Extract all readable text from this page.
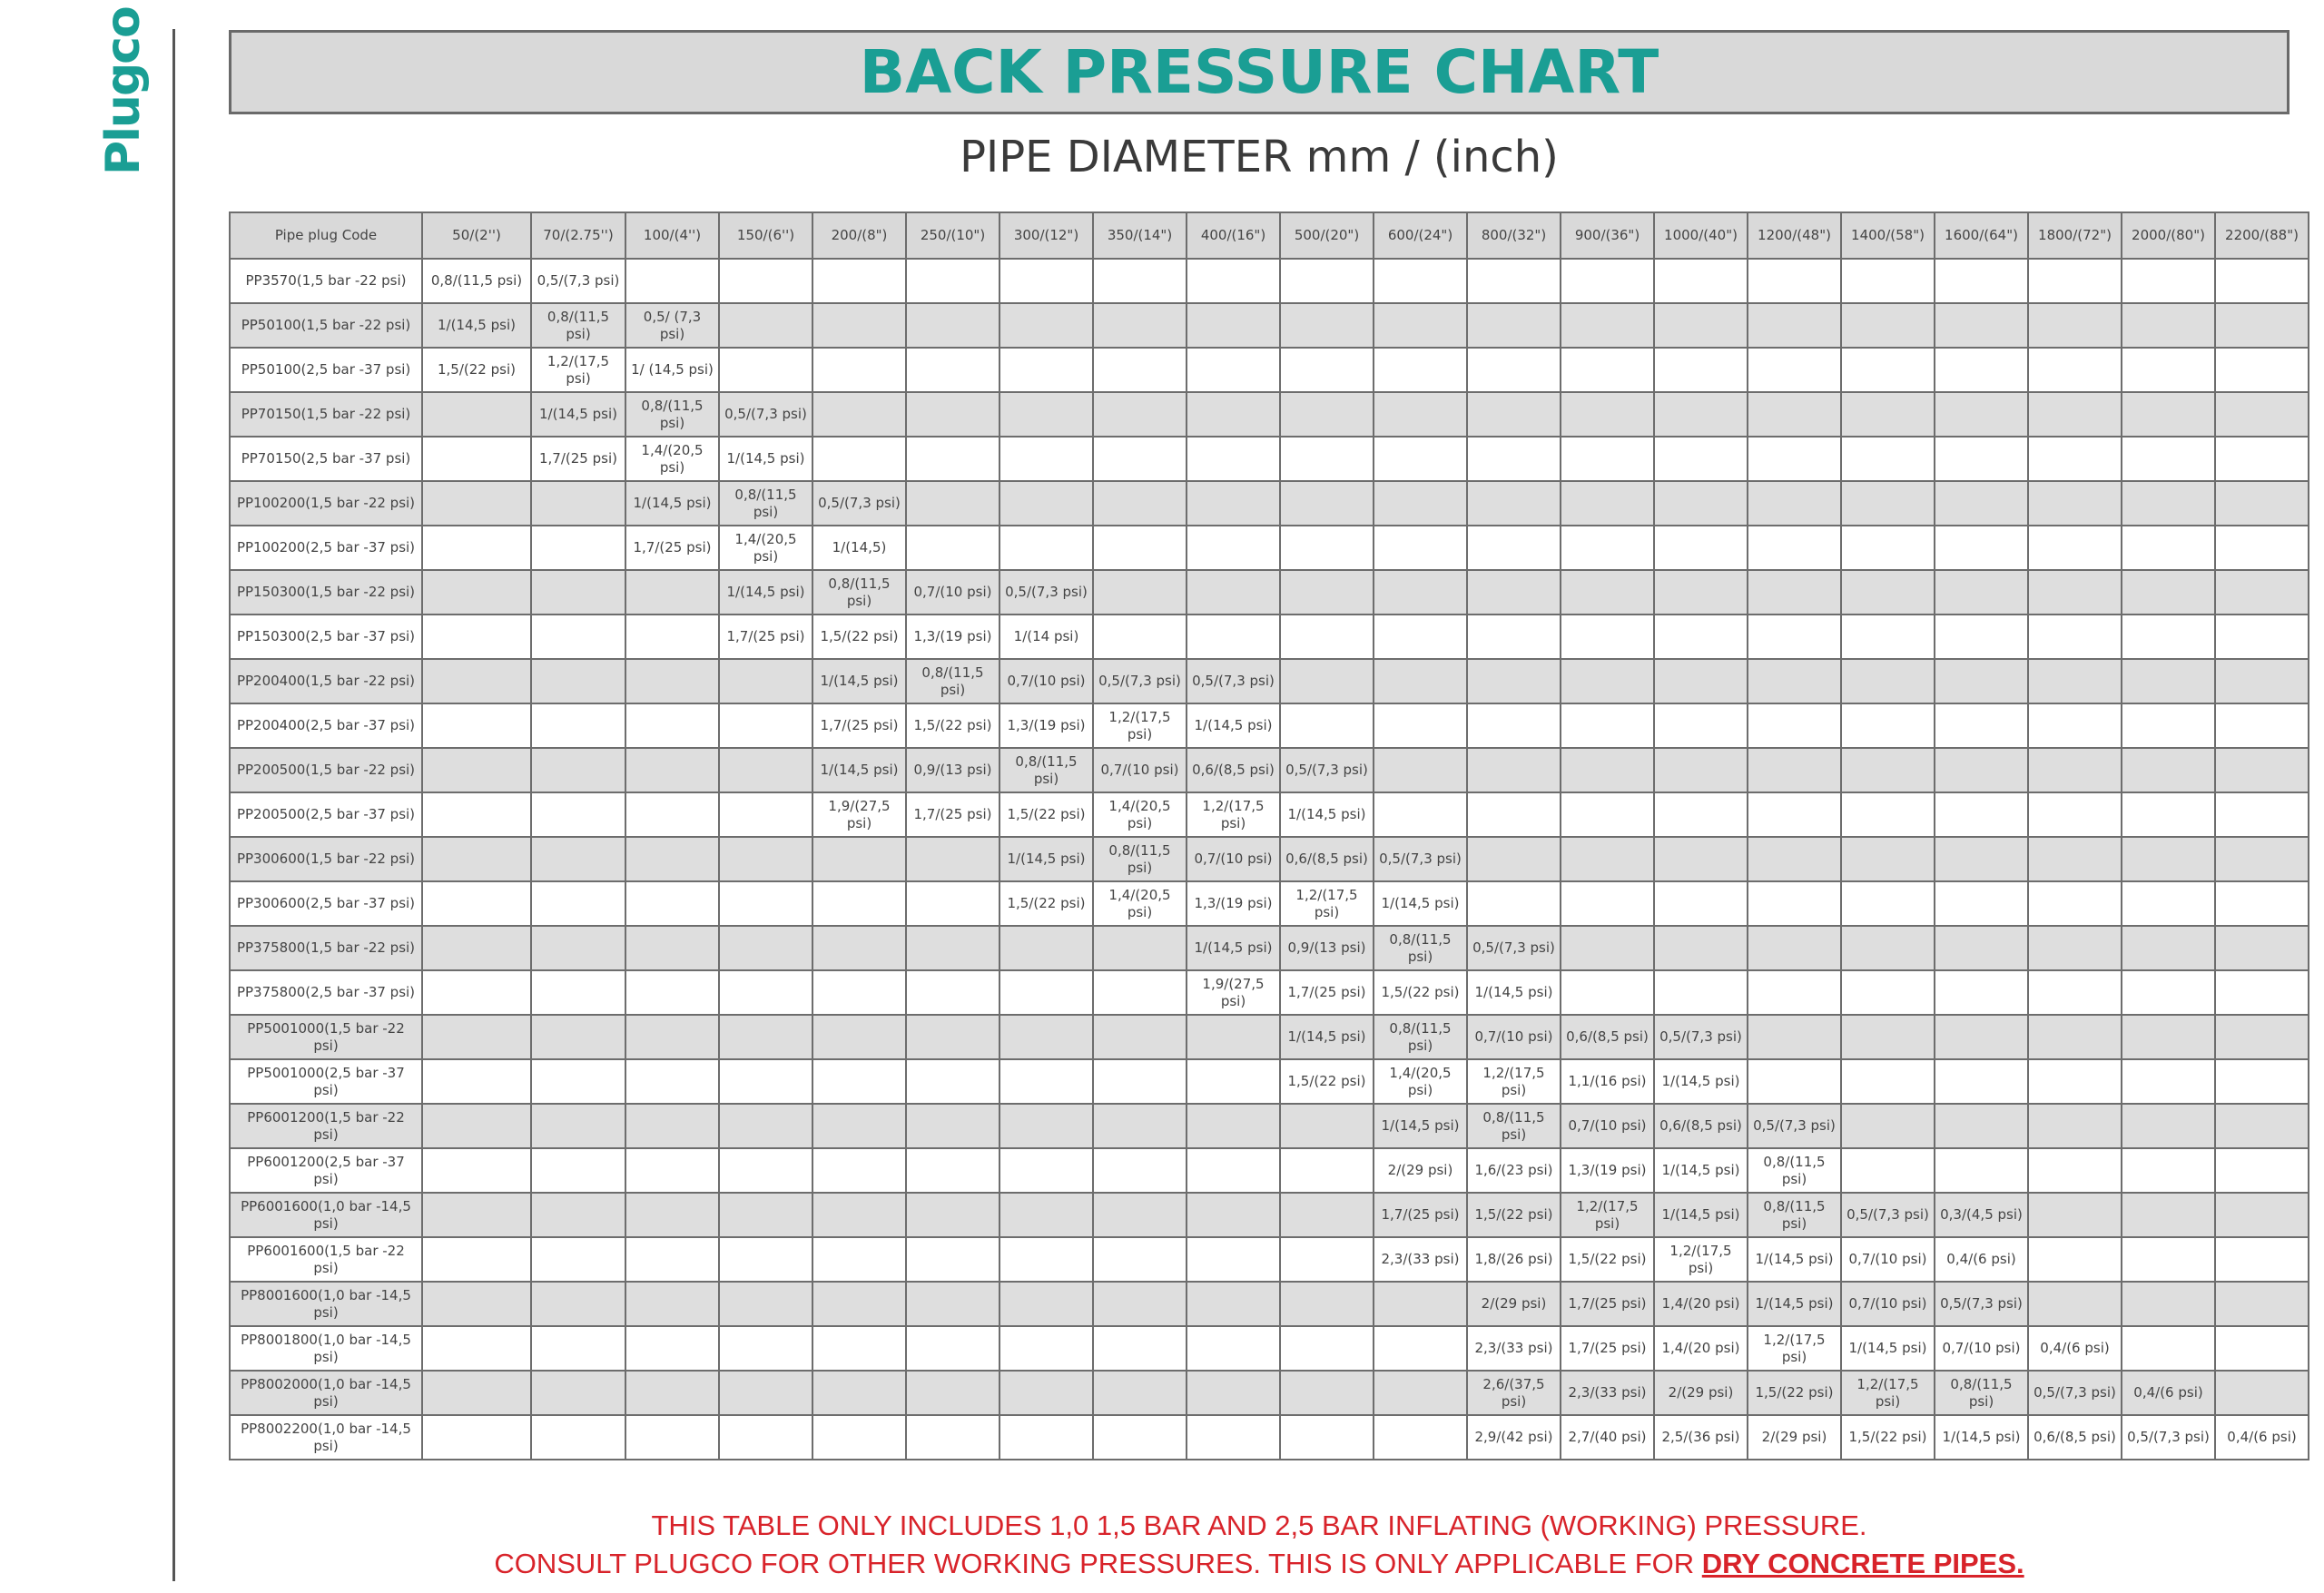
Plugco	BACK PRESSURE CHART
PIPE DIAMETER mm / (inch)
Pipe plug Code	50/(2'')	70/(2.75'')	100/(4'')	150/(6'')	200/(8")	250/(10")	300/(12")	350/(14")	400/(16")	500/(20")	600/(24")	800/(32")	900/(36")	1000/(40")	1200/(48")	1400/(58")	1600/(64")	1800/(72")	2000/(80")	2200/(88")
PP3570(1,5 bar -22 psi)	0,8/(11,5 psi)	0,5/(7,3 psi)																		
PP50100(1,5 bar -22 psi)	1/(14,5 psi)	0,8/(11,5 psi)	0,5/ (7,3 psi)																	
PP50100(2,5 bar -37 psi)	1,5/(22 psi)	1,2/(17,5 psi)	1/ (14,5 psi)																	
PP70150(1,5 bar -22 psi)		1/(14,5 psi)	0,8/(11,5 psi)	0,5/(7,3 psi)																
PP70150(2,5 bar -37 psi)		1,7/(25 psi)	1,4/(20,5 psi)	1/(14,5 psi)																
PP100200(1,5 bar -22 psi)			1/(14,5 psi)	0,8/(11,5 psi)	0,5/(7,3 psi)															
PP100200(2,5 bar -37 psi)			1,7/(25 psi)	1,4/(20,5 psi)	1/(14,5)															
PP150300(1,5 bar -22 psi)				1/(14,5 psi)	0,8/(11,5 psi)	0,7/(10 psi)	0,5/(7,3 psi)													
PP150300(2,5 bar -37 psi)				1,7/(25 psi)	1,5/(22 psi)	1,3/(19 psi)	1/(14 psi)													
PP200400(1,5 bar -22 psi)					1/(14,5 psi)	0,8/(11,5 psi)	0,7/(10 psi)	0,5/(7,3 psi)	0,5/(7,3 psi)											
PP200400(2,5 bar -37 psi)					1,7/(25 psi)	1,5/(22 psi)	1,3/(19 psi)	1,2/(17,5 psi)	1/(14,5 psi)											
PP200500(1,5 bar -22 psi)					1/(14,5 psi)	0,9/(13 psi)	0,8/(11,5 psi)	0,7/(10 psi)	0,6/(8,5 psi)	0,5/(7,3 psi)										
PP200500(2,5 bar -37 psi)					1,9/(27,5 psi)	1,7/(25 psi)	1,5/(22 psi)	1,4/(20,5 psi)	1,2/(17,5 psi)	1/(14,5 psi)										
PP300600(1,5 bar -22 psi)							1/(14,5 psi)	0,8/(11,5 psi)	0,7/(10 psi)	0,6/(8,5 psi)	0,5/(7,3 psi)									
PP300600(2,5 bar -37 psi)							1,5/(22 psi)	1,4/(20,5 psi)	1,3/(19 psi)	1,2/(17,5 psi)	1/(14,5 psi)									
PP375800(1,5 bar -22 psi)									1/(14,5 psi)	0,9/(13 psi)	0,8/(11,5 psi)	0,5/(7,3 psi)								
PP375800(2,5 bar -37 psi)									1,9/(27,5 psi)	1,7/(25 psi)	1,5/(22 psi)	1/(14,5 psi)								
PP5001000(1,5 bar -22 psi)										1/(14,5 psi)	0,8/(11,5 psi)	0,7/(10 psi)	0,6/(8,5 psi)	0,5/(7,3 psi)						
PP5001000(2,5 bar -37 psi)										1,5/(22 psi)	1,4/(20,5 psi)	1,2/(17,5 psi)	1,1/(16 psi)	1/(14,5 psi)						
PP6001200(1,5 bar -22 psi)											1/(14,5 psi)	0,8/(11,5 psi)	0,7/(10 psi)	0,6/(8,5 psi)	0,5/(7,3 psi)					
PP6001200(2,5 bar -37 psi)											2/(29 psi)	1,6/(23 psi)	1,3/(19 psi)	1/(14,5 psi)	0,8/(11,5 psi)					
PP6001600(1,0 bar -14,5 psi)											1,7/(25 psi)	1,5/(22 psi)	1,2/(17,5 psi)	1/(14,5 psi)	0,8/(11,5 psi)	0,5/(7,3 psi)	0,3/(4,5 psi)			
PP6001600(1,5 bar -22 psi)											2,3/(33 psi)	1,8/(26 psi)	1,5/(22 psi)	1,2/(17,5 psi)	1/(14,5 psi)	0,7/(10 psi)	0,4/(6 psi)			
PP8001600(1,0 bar -14,5 psi)												2/(29 psi)	1,7/(25 psi)	1,4/(20 psi)	1/(14,5 psi)	0,7/(10 psi)	0,5/(7,3 psi)			
PP8001800(1,0 bar -14,5 psi)												2,3/(33 psi)	1,7/(25 psi)	1,4/(20 psi)	1,2/(17,5 psi)	1/(14,5 psi)	0,7/(10 psi)	0,4/(6 psi)		
PP8002000(1,0 bar -14,5 psi)												2,6/(37,5 psi)	2,3/(33 psi)	2/(29 psi)	1,5/(22 psi)	1,2/(17,5 psi)	0,8/(11,5 psi)	0,5/(7,3 psi)	0,4/(6 psi)	
PP8002200(1,0 bar -14,5 psi)												2,9/(42 psi)	2,7/(40 psi)	2,5/(36 psi)	2/(29 psi)	1,5/(22 psi)	1/(14,5 psi)	0,6/(8,5 psi)	0,5/(7,3 psi)	0,4/(6 psi)
THIS TABLE ONLY INCLUDES 1,0 1,5 BAR AND 2,5 BAR INFLATING (WORKING) PRESSURE.
CONSULT PLUGCO FOR OTHER WORKING PRESSURES. THIS IS ONLY APPLICABLE FOR DRY CONCRETE PIPES.
